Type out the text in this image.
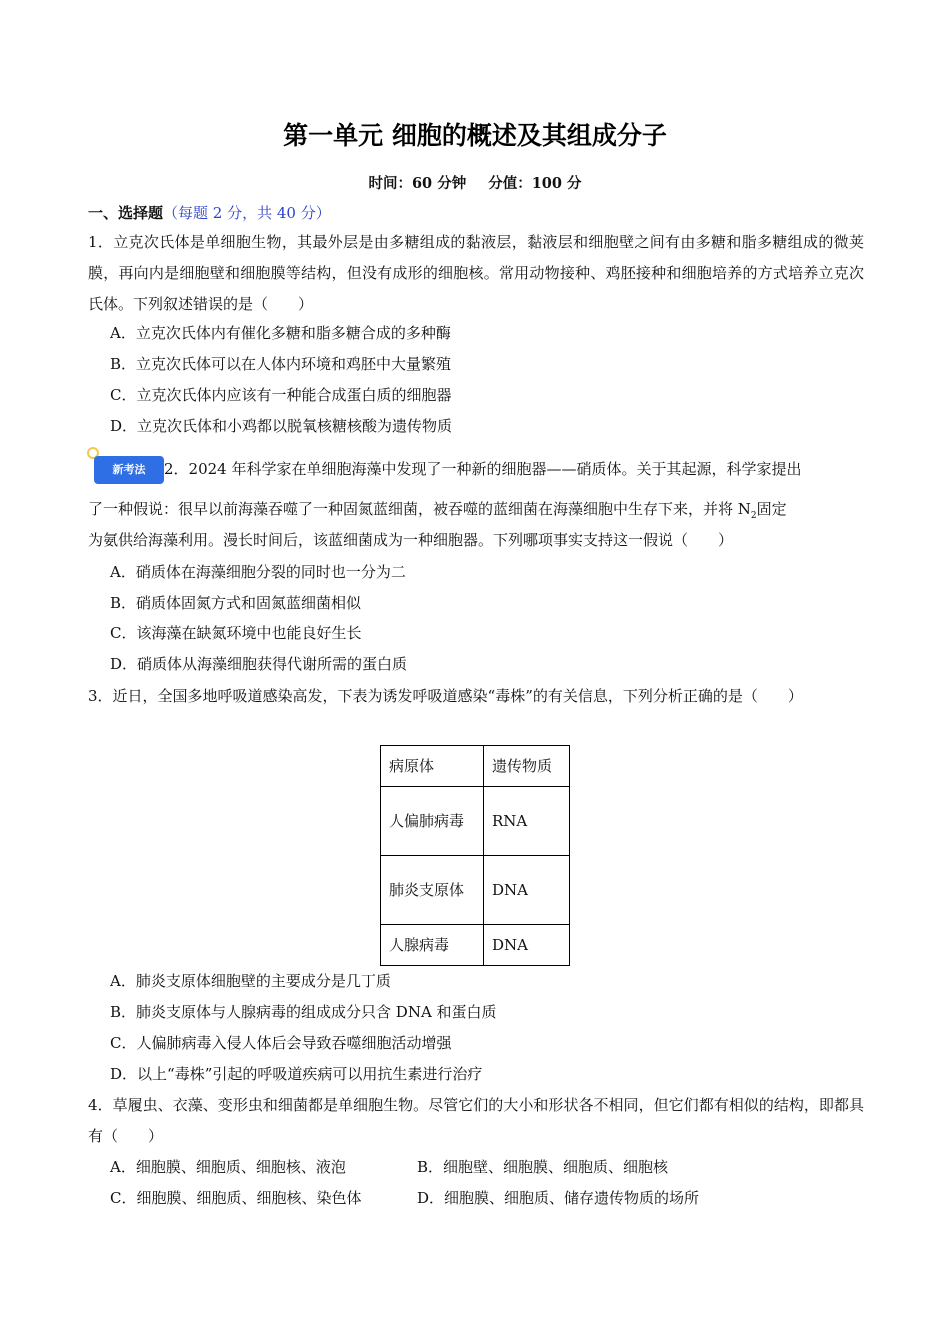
第一单元 细胞的概述及其组成分子
时间：60 分钟 分值：100 分
一、选择题（每题 2 分，共 40 分）
1．立克次氏体是单细胞生物，其最外层是由多糖组成的黏液层，黏液层和细胞壁之间有由多糖和脂多糖组成的微荚膜，再向内是细胞壁和细胞膜等结构，但没有成形的细胞核。常用动物接种、鸡胚接种和细胞培养的方式培养立克次氏体。下列叙述错误的是（　　）
A．立克次氏体内有催化多糖和脂多糖合成的多种酶
B．立克次氏体可以在人体内环境和鸡胚中大量繁殖
C．立克次氏体内应该有一种能合成蛋白质的细胞器
D．立克次氏体和小鸡都以脱氧核糖核酸为遗传物质
新考法	2．2024 年科学家在单细胞海藻中发现了一种新的细胞器——硝质体。关于其起源，科学家提出
了一种假说：很早以前海藻吞噬了一种固氮蓝细菌，被吞噬的蓝细菌在海藻细胞中生存下来，并将 $N_2$固定
为氨供给海藻利用。漫长时间后，该蓝细菌成为一种细胞器。下列哪项事实支持这一假说（　　）
A．硝质体在海藻细胞分裂的同时也一分为二
B．硝质体固氮方式和固氮蓝细菌相似
C．该海藻在缺氮环境中也能良好生长
D．硝质体从海藻细胞获得代谢所需的蛋白质
3．近日，全国多地呼吸道感染高发，下表为诱发呼吸道感染“毒株”的有关信息，下列分析正确的是（　　）
病原体	遗传物质
人偏肺病毒	RNA
肺炎支原体	DNA
人腺病毒	DNA
A．肺炎支原体细胞壁的主要成分是几丁质
B．肺炎支原体与人腺病毒的组成成分只含 DNA 和蛋白质
C．人偏肺病毒入侵人体后会导致吞噬细胞活动增强
D．以上“毒株”引起的呼吸道疾病可以用抗生素进行治疗
4．草履虫、衣藻、变形虫和细菌都是单细胞生物。尽管它们的大小和形状各不相同，但它们都有相似的结构，即都具有（　　）
A．细胞膜、细胞质、细胞核、液泡	B．细胞壁、细胞膜、细胞质、细胞核
C．细胞膜、细胞质、细胞核、染色体	D．细胞膜、细胞质、储存遗传物质的场所
